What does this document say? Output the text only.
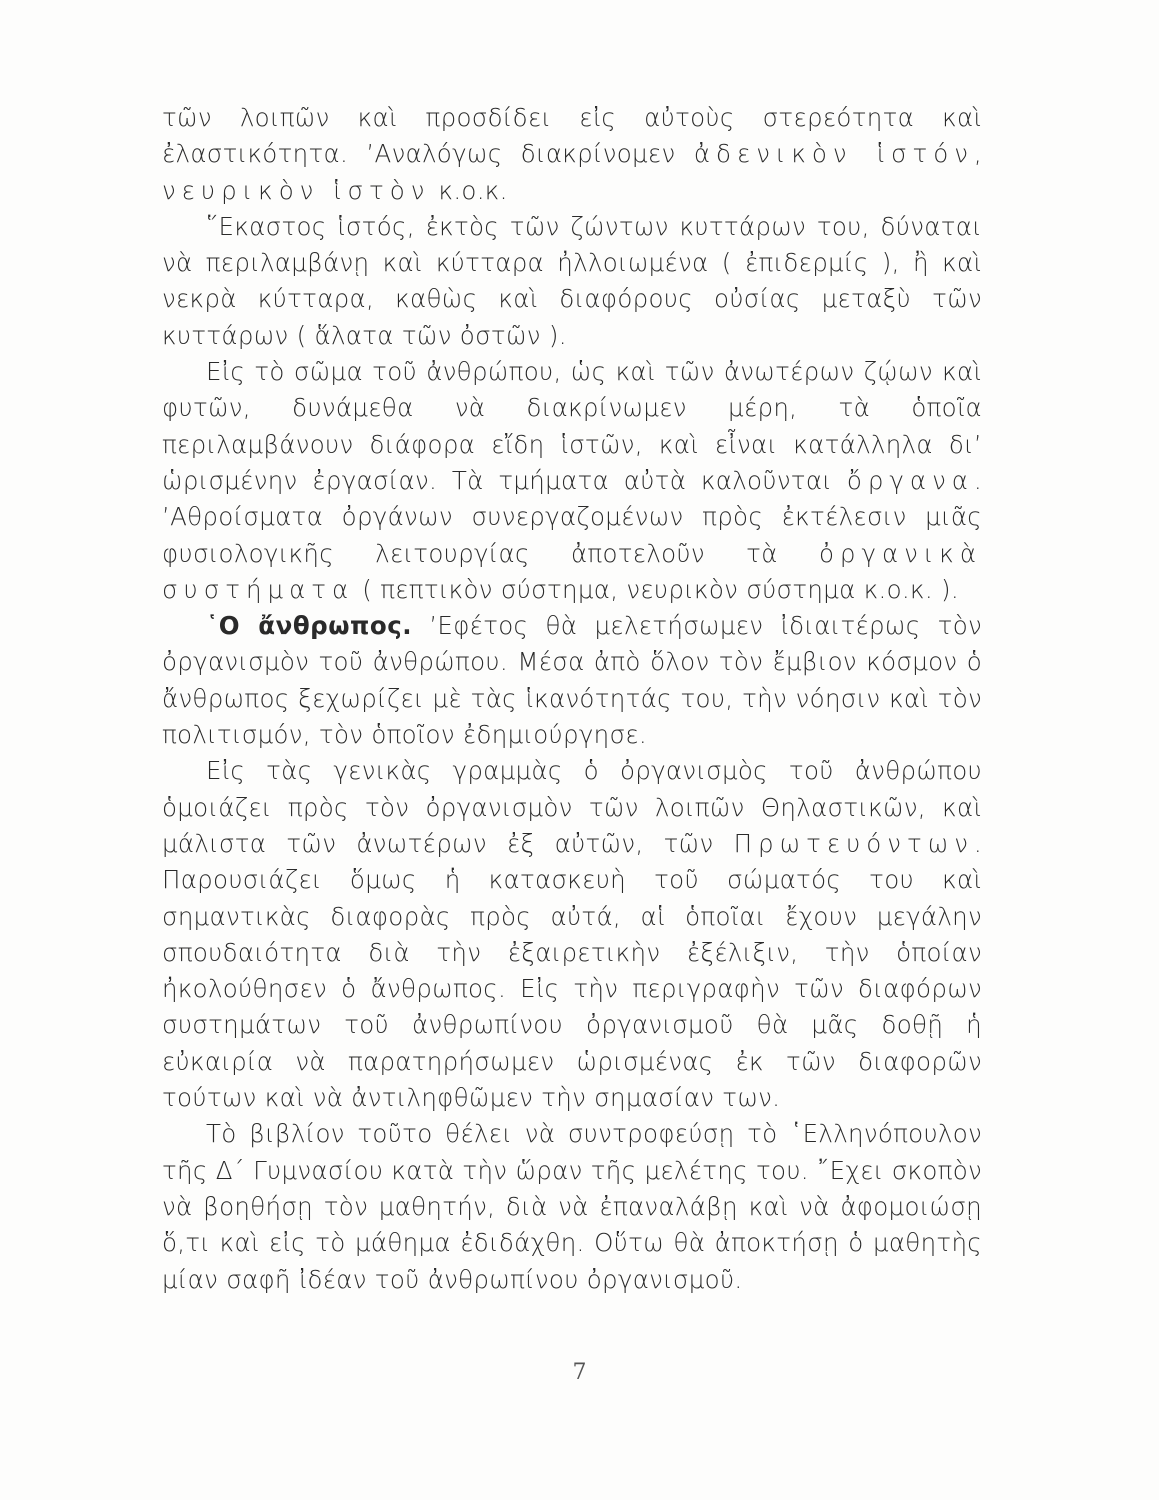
τῶν λοιπῶν καὶ προσδίδει εἰς αὐτοὺς στερεότητα καὶ ἐλαστικότητα. ’Αναλόγως διακρίνομεν ἀδενικὸν ἱστόν, νευρικὸν ἱστὸν κ.ο.κ.

῞Εκαστος ἱστός, ἐκτὸς τῶν ζώντων κυττάρων του, δύναται νὰ περιλαμβάνῃ καὶ κύτταρα ἠλλοιωμένα ( ἐπιδερμίς ), ἢ καὶ νεκρὰ κύτταρα, καθὼς καὶ διαφόρους οὐσίας μεταξὺ τῶν κυττάρων ( ἅλατα τῶν ὀστῶν ).

Εἰς τὸ σῶμα τοῦ ἀνθρώπου, ὡς καὶ τῶν ἀνωτέρων ζῴων καὶ φυτῶν, δυνάμεθα νὰ διακρίνωμεν μέρη, τὰ ὁποῖα περιλαμβάνουν διάφορα εἴδη ἱστῶν, καὶ εἶναι κατάλληλα δι’ ὡρισμένην ἐργασίαν. Τὰ τμήματα αὐτὰ καλοῦνται ὄργανα. ’Αθροίσματα ὀργάνων συνεργαζομένων πρὸς ἐκτέλεσιν μιᾶς φυσιολογικῆς λειτουργίας ἀποτελοῦν τὰ ὀργανικὰ συστήματα ( πεπτικὸν σύστημα, νευρικὸν σύστημα κ.ο.κ. ).

῾Ο ἄνθρωπος. ’Εφέτος θὰ μελετήσωμεν ἰδιαιτέρως τὸν ὀργανισμὸν τοῦ ἀνθρώπου. Μέσα ἀπὸ ὅλον τὸν ἔμβιον κόσμον ὁ ἄνθρωπος ξεχωρίζει μὲ τὰς ἱκανότητάς του, τὴν νόησιν καὶ τὸν πολιτισμόν, τὸν ὁποῖον ἐδημιούργησε.

Εἰς τὰς γενικὰς γραμμὰς ὁ ὀργανισμὸς τοῦ ἀνθρώπου ὁμοιάζει πρὸς τὸν ὀργανισμὸν τῶν λοιπῶν Θηλαστικῶν, καὶ μάλιστα τῶν ἀνωτέρων ἐξ αὐτῶν, τῶν Πρωτευόντων. Παρουσιάζει ὅμως ἡ κατασκευὴ τοῦ σώματός του καὶ σημαντικὰς διαφορὰς πρὸς αὐτά, αἱ ὁποῖαι ἔχουν μεγάλην σπουδαιότητα διὰ τὴν ἐξαιρετικὴν ἐξέλιξιν, τὴν ὁποίαν ἠκολούθησεν ὁ ἄνθρωπος. Εἰς τὴν περιγραφὴν τῶν διαφόρων συστημάτων τοῦ ἀνθρωπίνου ὀργανισμοῦ θὰ μᾶς δοθῇ ἡ εὐκαιρία νὰ παρατηρήσωμεν ὡρισμένας ἐκ τῶν διαφορῶν τούτων καὶ νὰ ἀντιληφθῶμεν τὴν σημασίαν των.

Τὸ βιβλίον τοῦτο θέλει νὰ συντροφεύσῃ τὸ ῾Ελληνόπουλον τῆς Δ΄ Γυμνασίου κατὰ τὴν ὥραν τῆς μελέτης του. ῎Εχει σκοπὸν νὰ βοηθήσῃ τὸν μαθητήν, διὰ νὰ ἐπαναλάβῃ καὶ νὰ ἀφομοιώσῃ ὅ,τι καὶ εἰς τὸ μάθημα ἐδιδάχθη. Οὕτω θὰ ἀποκτήσῃ ὁ μαθητὴς μίαν σαφῆ ἰδέαν τοῦ ἀνθρωπίνου ὀργανισμοῦ.

7
